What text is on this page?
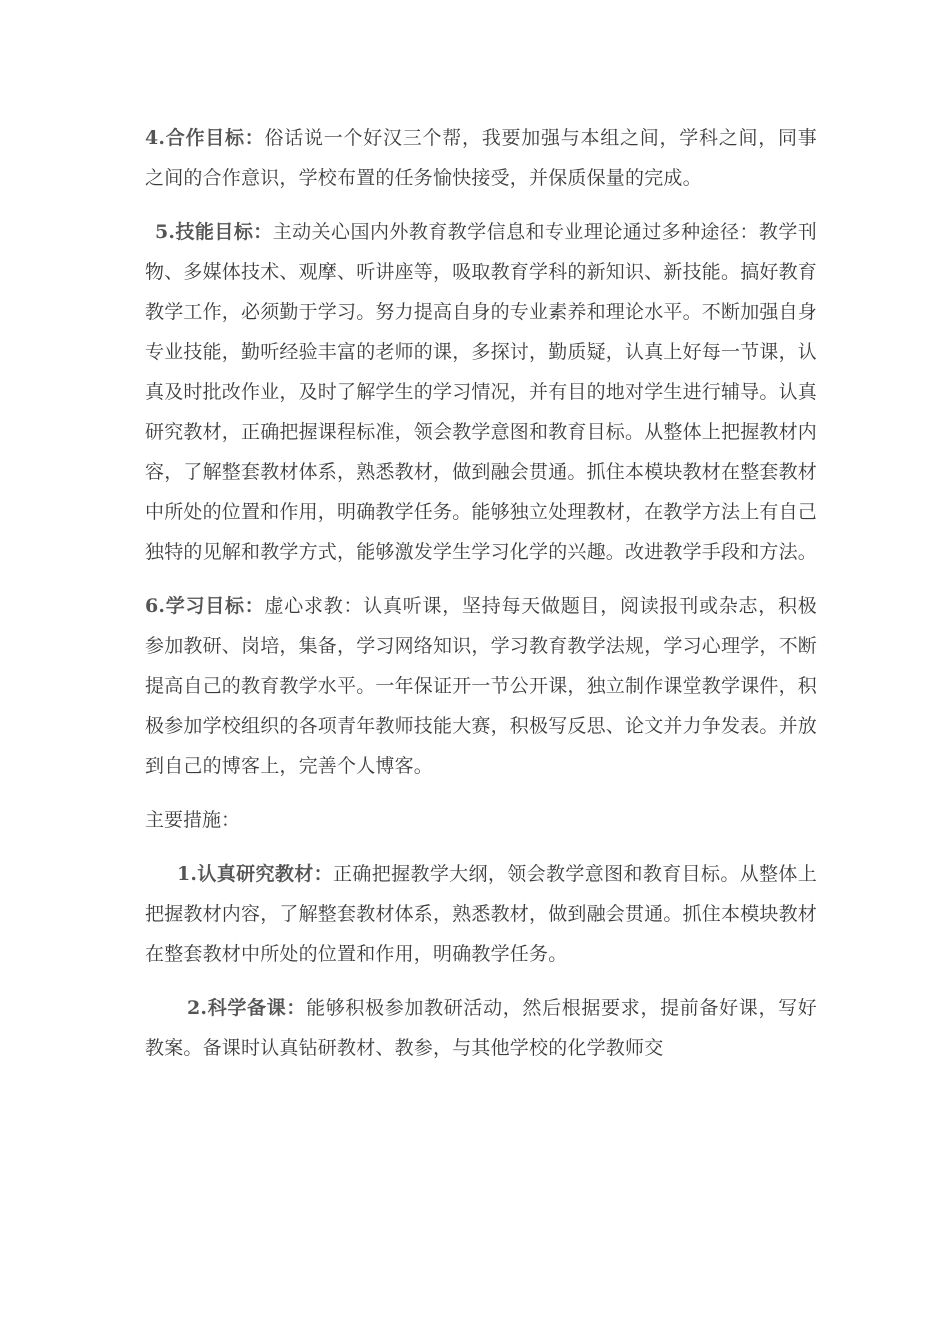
4.合作目标：俗话说一个好汉三个帮，我要加强与本组之间，学科之间，同事之间的合作意识，学校布置的任务愉快接受，并保质保量的完成。

5.技能目标：主动关心国内外教育教学信息和专业理论通过多种途径：教学刊物、多媒体技术、观摩、听讲座等，吸取教育学科的新知识、新技能。搞好教育教学工作，必须勤于学习。努力提高自身的专业素养和理论水平。不断加强自身专业技能，勤听经验丰富的老师的课，多探讨，勤质疑，认真上好每一节课，认真及时批改作业，及时了解学生的学习情况，并有目的地对学生进行辅导。认真研究教材，正确把握课程标准，领会教学意图和教育目标。从整体上把握教材内容，了解整套教材体系，熟悉教材，做到融会贯通。抓住本模块教材在整套教材中所处的位置和作用，明确教学任务。能够独立处理教材，在教学方法上有自己独特的见解和教学方式，能够激发学生学习化学的兴趣。改进教学手段和方法。

6.学习目标：虚心求教：认真听课，坚持每天做题目，阅读报刊或杂志，积极参加教研、岗培，集备，学习网络知识，学习教育教学法规，学习心理学，不断提高自己的教育教学水平。一年保证开一节公开课，独立制作课堂教学课件，积极参加学校组织的各项青年教师技能大赛，积极写反思、论文并力争发表。并放到自己的博客上，完善个人博客。

主要措施：

1.认真研究教材：正确把握教学大纲，领会教学意图和教育目标。从整体上把握教材内容，了解整套教材体系，熟悉教材，做到融会贯通。抓住本模块教材在整套教材中所处的位置和作用，明确教学任务。

2.科学备课：能够积极参加教研活动，然后根据要求，提前备好课，写好教案。备课时认真钻研教材、教参，与其他学校的化学教师交
